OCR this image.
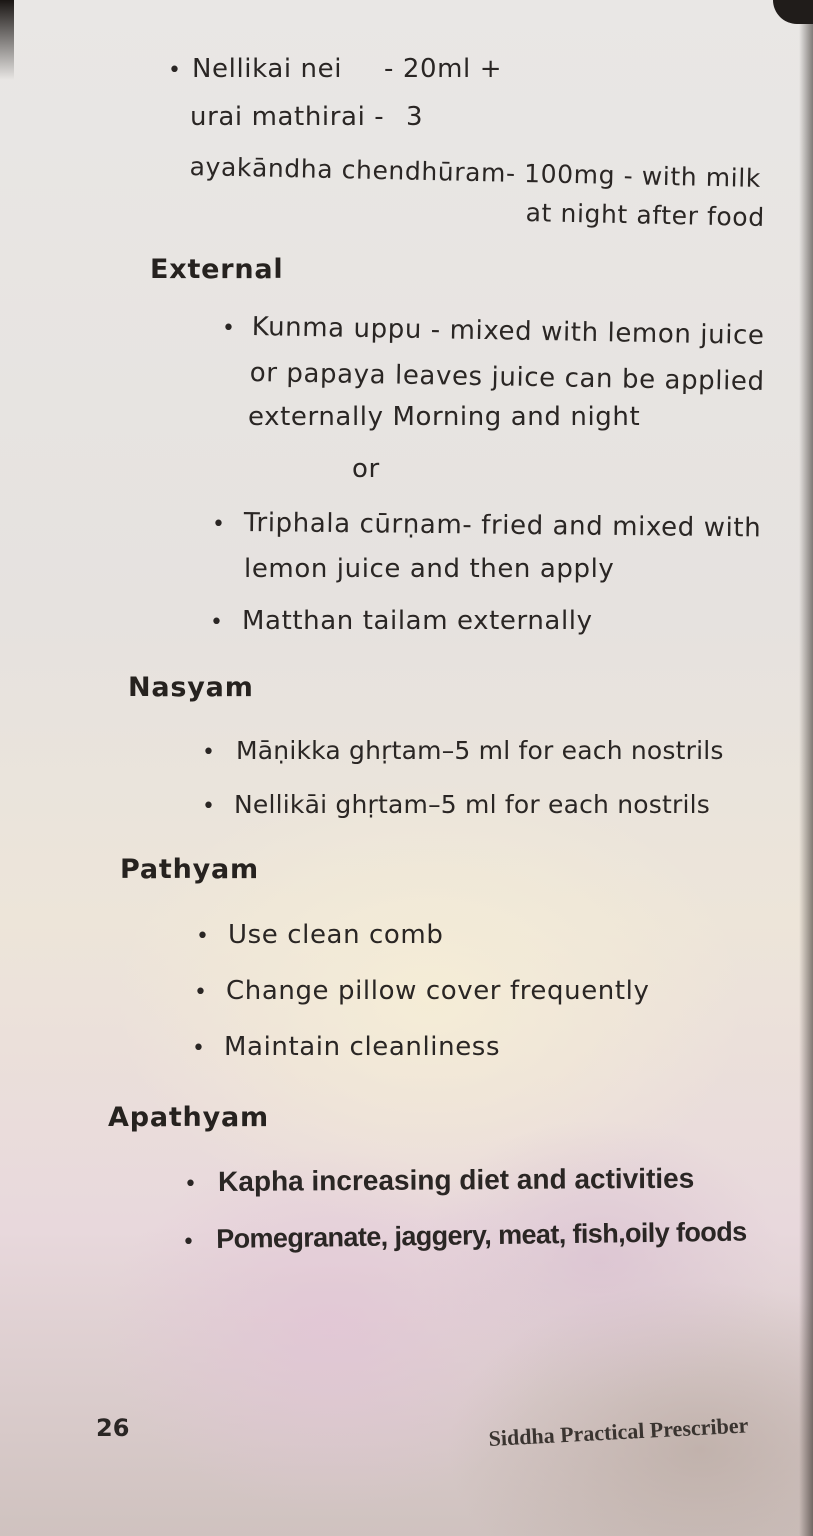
• Nellikai nei - 20ml +
urai mathirai - 3
ayakāndha chendhūram- 100mg - with milk
at night after food
External
• Kunma uppu - mixed with lemon juice
or papaya leaves juice can be applied
externally Morning and night
or
• Triphala cūrṇam- fried and mixed with
lemon juice and then apply
• Matthan tailam externally
Nasyam
• Māṇikka ghṛtam–5 ml for each nostrils
• Nellikāi ghṛtam–5 ml for each nostrils
Pathyam
• Use clean comb
• Change pillow cover frequently
• Maintain cleanliness
Apathyam
• Kapha increasing diet and activities
• Pomegranate, jaggery, meat, fish,oily foods
26	Siddha Practical Prescriber
